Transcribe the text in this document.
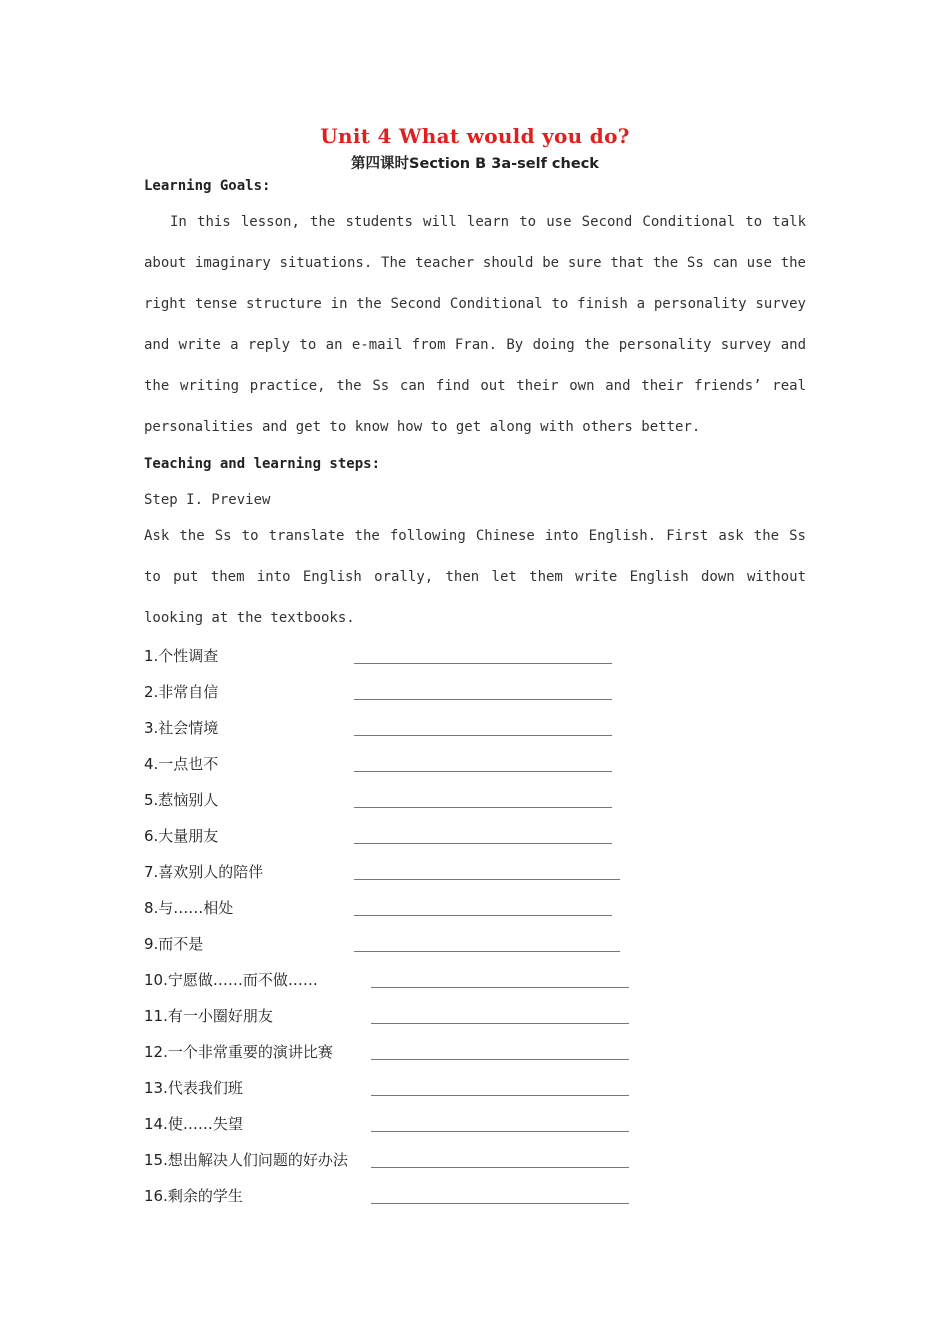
Unit 4 What would you do?
第四课时Section B 3a-self check
Learning Goals:

In this lesson, the students will learn to use Second Conditional to talk about imaginary situations. The teacher should be sure that the Ss can use the right tense structure in the Second Conditional to finish a personality survey and write a reply to an e-mail from Fran. By doing the personality survey and the writing practice, the Ss can find out their own and their friends’ real personalities and get to know how to get along with others better.

Teaching and learning steps:
Step I. Preview

Ask the Ss to translate the following Chinese into English. First ask the Ss to put them into English orally, then let them write English down without looking at the textbooks.

1.个性调查
2.非常自信
3.社会情境
4.一点也不
5.惹恼别人
6.大量朋友
7.喜欢别人的陪伴
8.与……相处
9.而不是
10.宁愿做……而不做……
11.有一小圈好朋友
12.一个非常重要的演讲比赛
13.代表我们班
14.使……失望
15.想出解决人们问题的好办法
16.剩余的学生
